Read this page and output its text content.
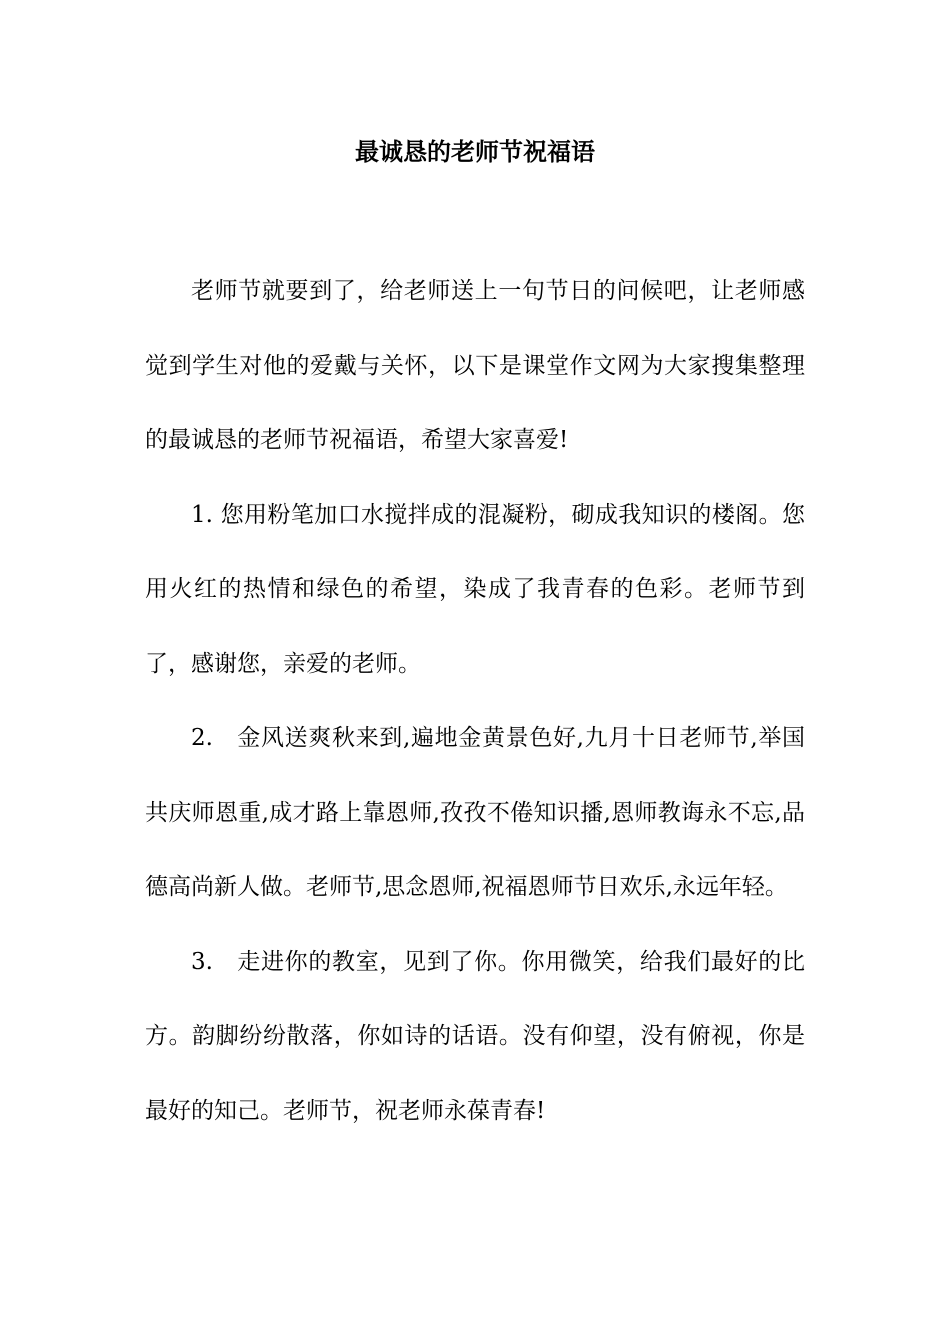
最诚恳的老师节祝福语

老师节就要到了，给老师送上一句节日的问候吧，让老师感觉到学生对他的爱戴与关怀，以下是课堂作文网为大家搜集整理的最诚恳的老师节祝福语，希望大家喜爱!

1. 您用粉笔加口水搅拌成的混凝粉，砌成我知识的楼阁。您用火红的热情和绿色的希望，染成了我青春的色彩。老师节到了，感谢您，亲爱的老师。

2.　金风送爽秋来到,遍地金黄景色好,九月十日老师节,举国共庆师恩重,成才路上靠恩师,孜孜不倦知识播,恩师教诲永不忘,品德高尚新人做。老师节,思念恩师,祝福恩师节日欢乐,永远年轻。

3.　走进你的教室，见到了你。你用微笑，给我们最好的比方。韵脚纷纷散落，你如诗的话语。没有仰望，没有俯视，你是最好的知己。老师节，祝老师永葆青春!
